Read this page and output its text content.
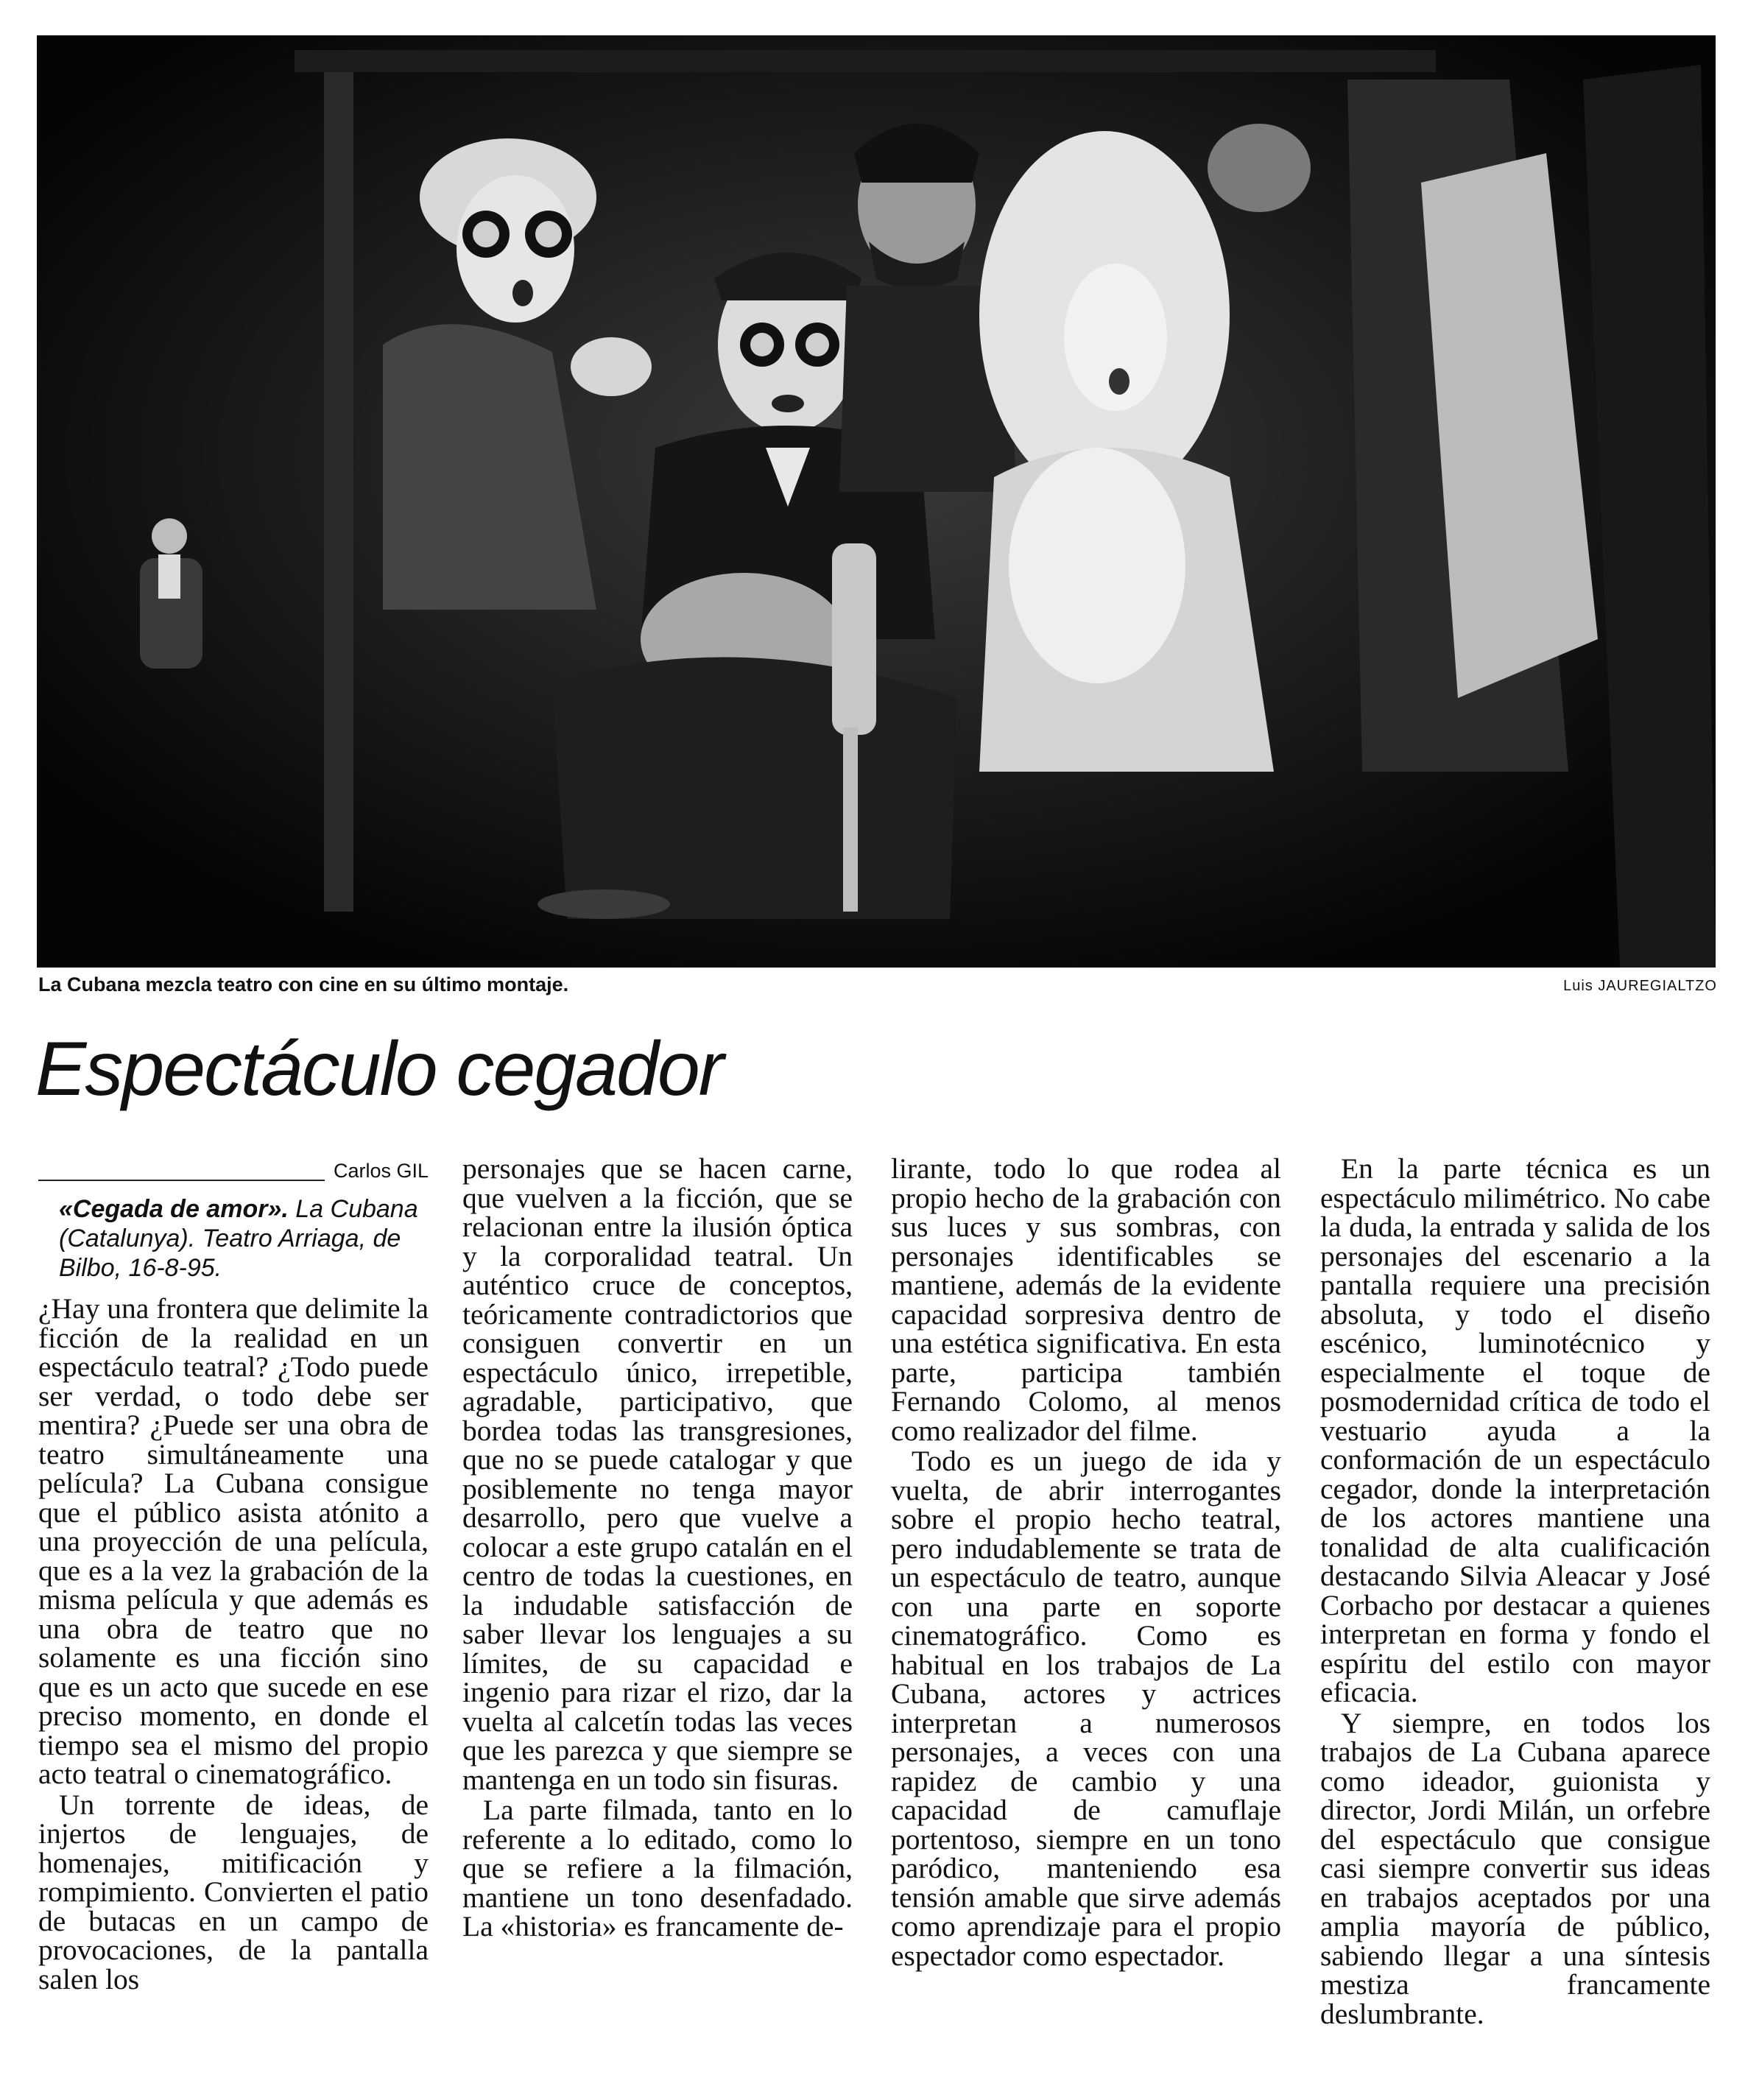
La Cubana mezcla teatro con cine en su último montaje.	Luis JAUREGIALTZO
Espectáculo cegador
Carlos GIL
«Cegada de amor». La Cubana (Catalunya). Teatro Arriaga, de Bilbo, 16-8-95.

¿Hay una frontera que delimite la ficción de la realidad en un espectáculo teatral? ¿Todo puede ser verdad, o todo debe ser mentira? ¿Puede ser una obra de teatro simultáneamente una película? La Cubana consigue que el público asista atónito a una proyección de una película, que es a la vez la grabación de la misma película y que además es una obra de teatro que no solamente es una ficción sino que es un acto que sucede en ese preciso momento, en donde el tiempo sea el mismo del propio acto teatral o cinematográfico.

Un torrente de ideas, de injertos de lenguajes, de homenajes, mitificación y rompimiento. Convierten el patio de butacas en un campo de provocaciones, de la pantalla salen los

personajes que se hacen carne, que vuelven a la ficción, que se relacionan entre la ilusión óptica y la corporalidad teatral. Un auténtico cruce de conceptos, teóricamente contradictorios que consiguen convertir en un espectáculo único, irrepetible, agradable, participativo, que bordea todas las transgresiones, que no se puede catalogar y que posiblemente no tenga mayor desarrollo, pero que vuelve a colocar a este grupo catalán en el centro de todas la cuestiones, en la indudable satisfacción de saber llevar los lenguajes a su límites, de su capacidad e ingenio para rizar el rizo, dar la vuelta al calcetín todas las veces que les parezca y que siempre se mantenga en un todo sin fisuras.

La parte filmada, tanto en lo referente a lo editado, como lo que se refiere a la filmación, mantiene un tono desenfadado. La «historia» es francamente de-

lirante, todo lo que rodea al propio hecho de la grabación con sus luces y sus sombras, con personajes identificables se mantiene, además de la evidente capacidad sorpresiva dentro de una estética significativa. En esta parte, participa también Fernando Colomo, al menos como realizador del filme.

Todo es un juego de ida y vuelta, de abrir interrogantes sobre el propio hecho teatral, pero indudablemente se trata de un espectáculo de teatro, aunque con una parte en soporte cinematográfico. Como es habitual en los trabajos de La Cubana, actores y actrices interpretan a numerosos personajes, a veces con una rapidez de cambio y una capacidad de camuflaje portentoso, siempre en un tono paródico, manteniendo esa tensión amable que sirve además como aprendizaje para el propio espectador como espectador.

En la parte técnica es un espectáculo milimétrico. No cabe la duda, la entrada y salida de los personajes del escenario a la pantalla requiere una precisión absoluta, y todo el diseño escénico, luminotécnico y especialmente el toque de posmodernidad crítica de todo el vestuario ayuda a la conformación de un espectáculo cegador, donde la interpretación de los actores mantiene una tonalidad de alta cualificación destacando Silvia Aleacar y José Corbacho por destacar a quienes interpretan en forma y fondo el espíritu del estilo con mayor eficacia.

Y siempre, en todos los trabajos de La Cubana aparece como ideador, guionista y director, Jordi Milán, un orfebre del espectáculo que consigue casi siempre convertir sus ideas en trabajos aceptados por una amplia mayoría de público, sabiendo llegar a una síntesis mestiza francamente deslumbrante.
